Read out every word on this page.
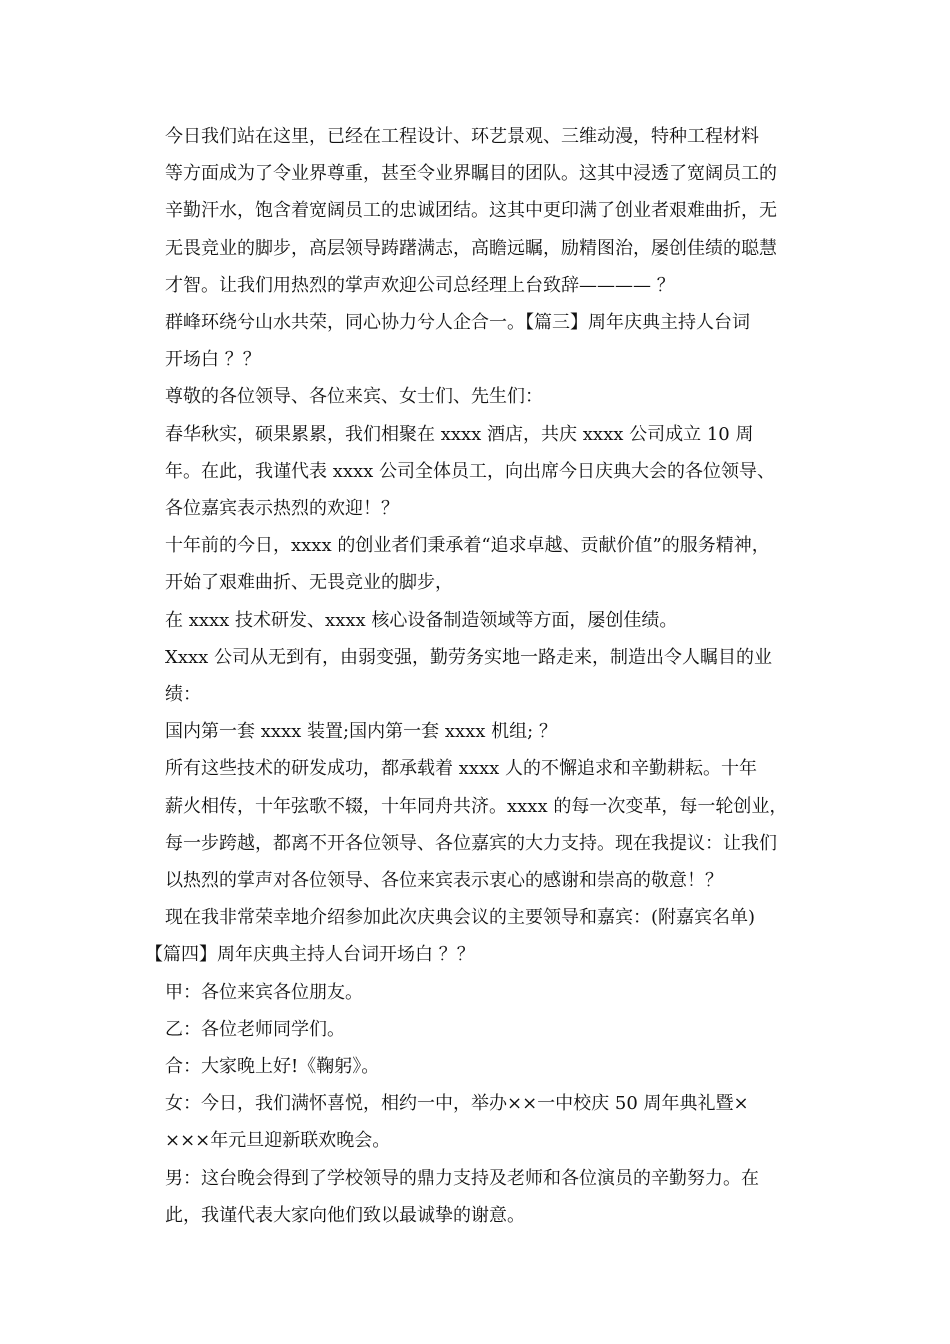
今日我们站在这里，已经在工程设计、环艺景观、三维动漫，特种工程材料
等方面成为了令业界尊重，甚至令业界瞩目的团队。这其中浸透了宽阔员工的
辛勤汗水，饱含着宽阔员工的忠诚团结。这其中更印满了创业者艰难曲折，无
无畏竞业的脚步，高层领导踌躇满志，高瞻远瞩，励精图治，屡创佳绩的聪慧
才智。让我们用热烈的掌声欢迎公司总经理上台致辞———— ？

群峰环绕兮山水共荣，同心协力兮人企合一。【篇三】周年庆典主持人台词
开场白 ？？

尊敬的各位领导、各位来宾、女士们、先生们：

春华秋实，硕果累累，我们相聚在 xxxx 酒店，共庆 xxxx 公司成立 10 周
年。在此，我谨代表 xxxx 公司全体员工，向出席今日庆典大会的各位领导、
各位嘉宾表示热烈的欢迎！？

十年前的今日，xxxx 的创业者们秉承着“追求卓越、贡献价值”的服务精神，
开始了艰难曲折、无畏竞业的脚步，

在 xxxx 技术研发、xxxx 核心设备制造领域等方面，屡创佳绩。

Xxxx 公司从无到有，由弱变强，勤劳务实地一路走来，制造出令人瞩目的业
绩：

国内第一套 xxxx 装置;国内第一套 xxxx 机组; ？

所有这些技术的研发成功，都承载着 xxxx 人的不懈追求和辛勤耕耘。十年
薪火相传，十年弦歌不辍，十年同舟共济。xxxx 的每一次变革，每一轮创业，
每一步跨越，都离不开各位领导、各位嘉宾的大力支持。现在我提议：让我们
以热烈的掌声对各位领导、各位来宾表示衷心的感谢和崇高的敬意！？

现在我非常荣幸地介绍参加此次庆典会议的主要领导和嘉宾：(附嘉宾名单)

【篇四】周年庆典主持人台词开场白 ？？

甲：各位来宾各位朋友。

乙：各位老师同学们。

合：大家晚上好!《鞠躬》。

女：今日，我们满怀喜悦，相约一中，举办××一中校庆 50 周年典礼暨×
×××年元旦迎新联欢晚会。

男：这台晚会得到了学校领导的鼎力支持及老师和各位演员的辛勤努力。在
此，我谨代表大家向他们致以最诚挚的谢意。
